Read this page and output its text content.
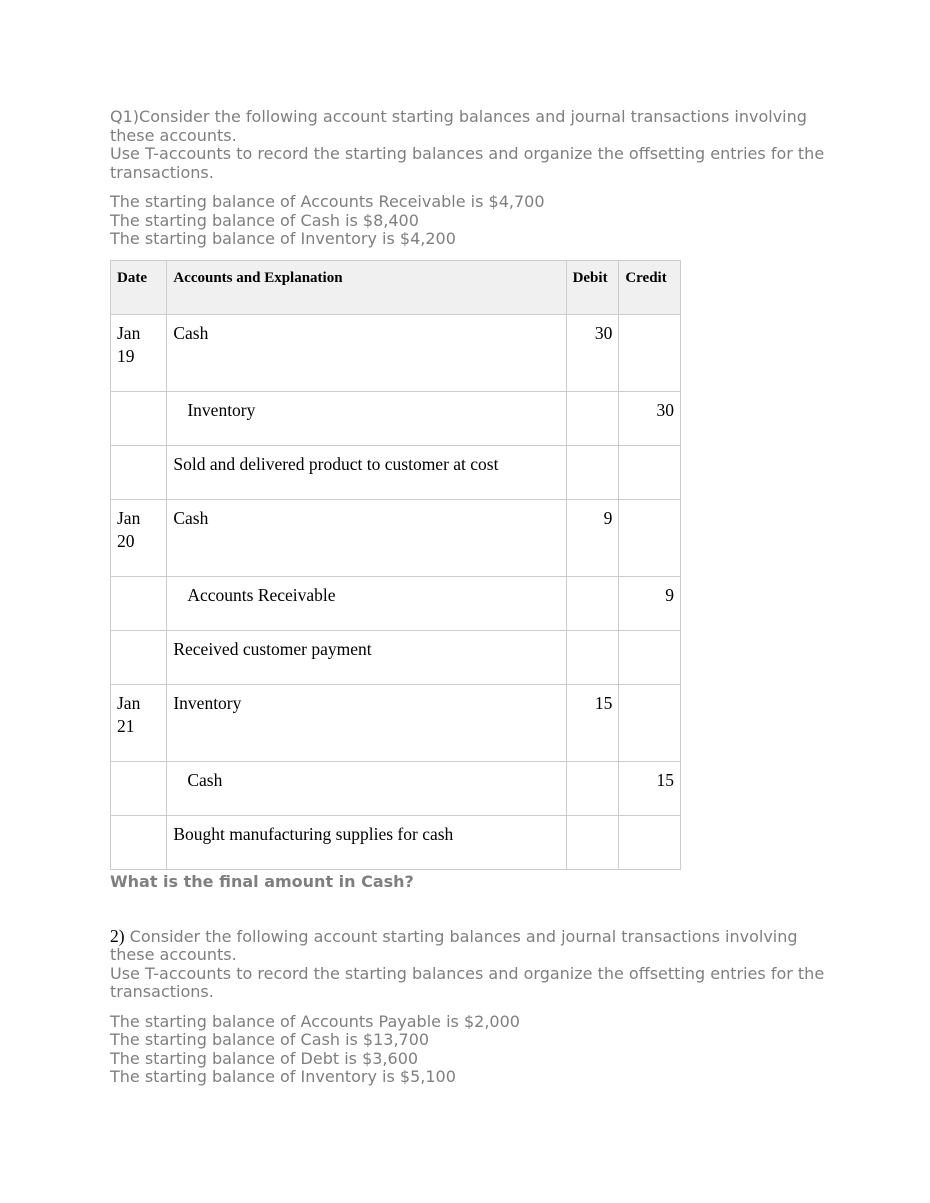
Q1)Consider the following account starting balances and journal transactions involving these accounts.

Use T-accounts to record the starting balances and organize the offsetting entries for the transactions.

The starting balance of Accounts Receivable is $4,700

The starting balance of Cash is $8,400

The starting balance of Inventory is $4,200

Date	Accounts and Explanation	Debit	Credit
Jan 19	Cash	30	
	Inventory		30
	Sold and delivered product to customer at cost		
Jan 20	Cash	9	
	Accounts Receivable		9
	Received customer payment		
Jan 21	Inventory	15	
	Cash		15
	Bought manufacturing supplies for cash		

What is the final amount in Cash?

2) Consider the following account starting balances and journal transactions involving these accounts.

Use T-accounts to record the starting balances and organize the offsetting entries for the transactions.

The starting balance of Accounts Payable is $2,000

The starting balance of Cash is $13,700

The starting balance of Debt is $3,600

The starting balance of Inventory is $5,100
